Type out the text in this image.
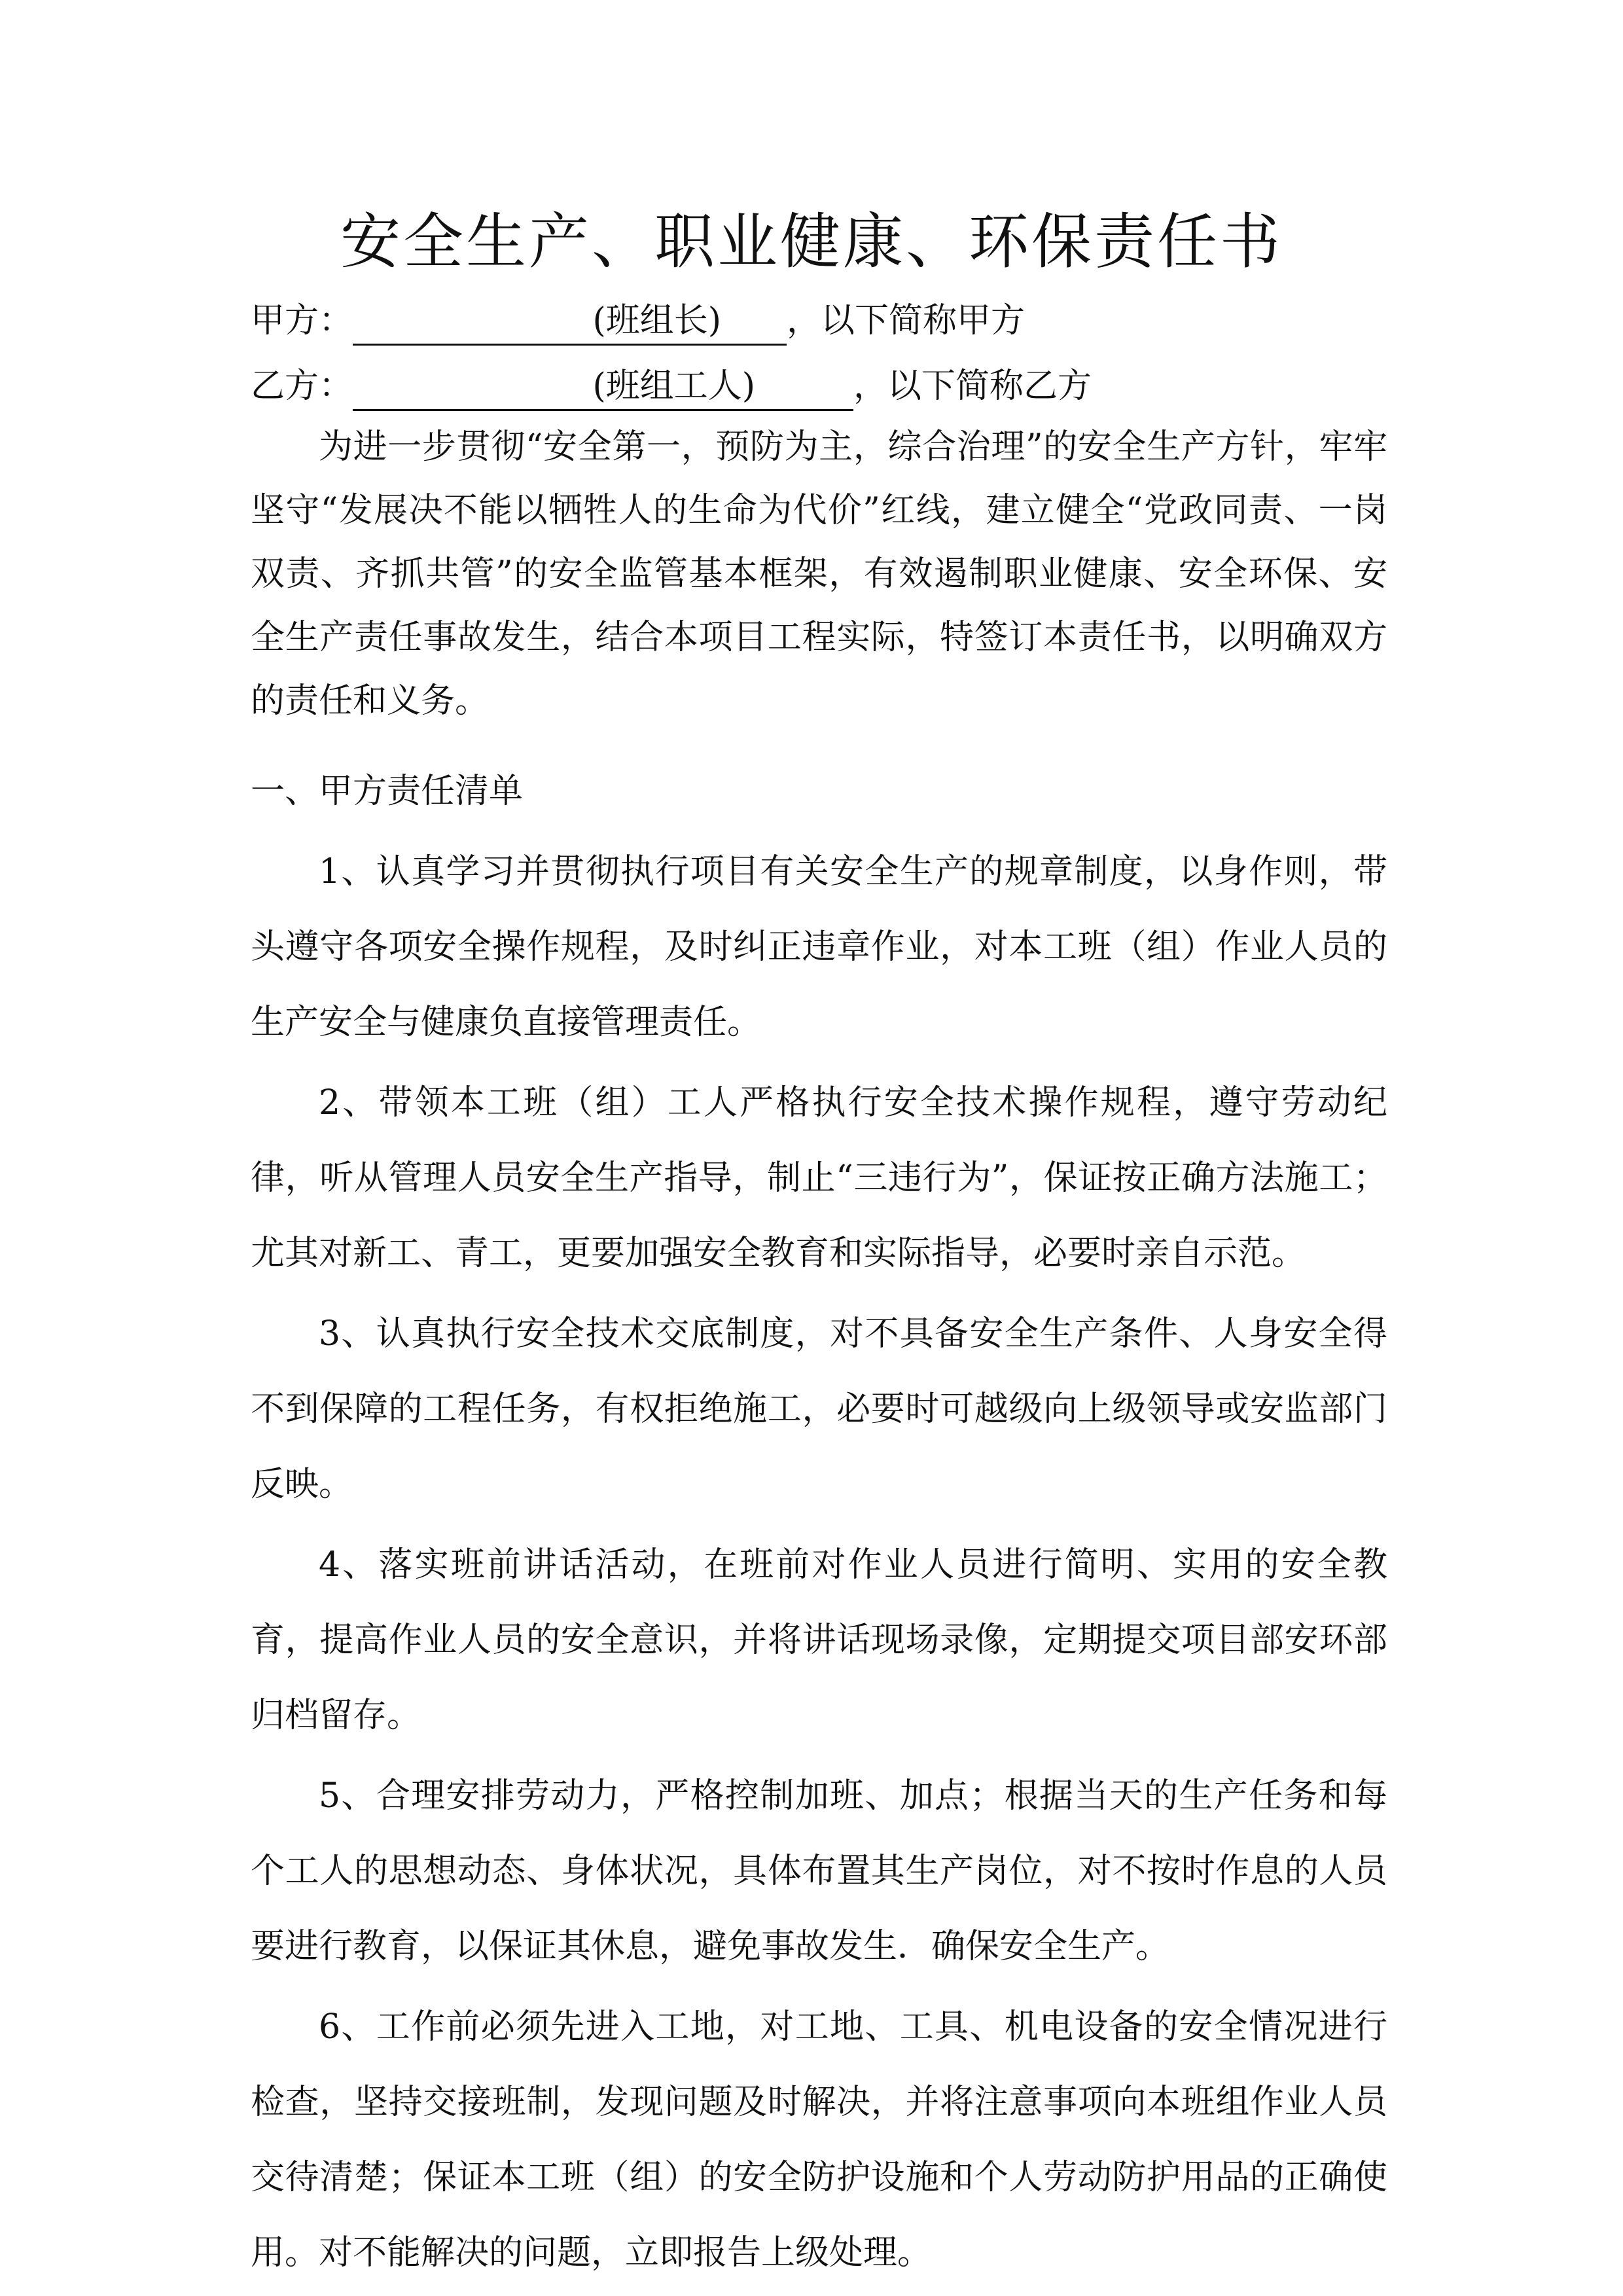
安全生产、职业健康、环保责任书
甲方：	(班组长) ，以下简称甲方
乙方：	(班组工人)	，以下简称乙方

为进一步贯彻“安全第一，预防为主，综合治理”的安全生产方针，牢牢坚守“发展决不能以牺牲人的生命为代价”红线，建立健全“党政同责、一岗双责、齐抓共管”的安全监管基本框架，有效遏制职业健康、安全环保、安全生产责任事故发生，结合本项目工程实际，特签订本责任书，以明确双方的责任和义务。

一、甲方责任清单

1、认真学习并贯彻执行项目有关安全生产的规章制度，以身作则，带头遵守各项安全操作规程，及时纠正违章作业，对本工班（组）作业人员的生产安全与健康负直接管理责任。

2、带领本工班（组）工人严格执行安全技术操作规程，遵守劳动纪律，听从管理人员安全生产指导，制止“三违行为”，保证按正确方法施工；尤其对新工、青工，更要加强安全教育和实际指导，必要时亲自示范。

3、认真执行安全技术交底制度，对不具备安全生产条件、人身安全得不到保障的工程任务，有权拒绝施工，必要时可越级向上级领导或安监部门反映。

4、落实班前讲话活动，在班前对作业人员进行简明、实用的安全教育，提高作业人员的安全意识，并将讲话现场录像，定期提交项目部安环部归档留存。

5、合理安排劳动力，严格控制加班、加点；根据当天的生产任务和每个工人的思想动态、身体状况，具体布置其生产岗位，对不按时作息的人员要进行教育，以保证其休息，避免事故发生．确保安全生产。

6、工作前必须先进入工地，对工地、工具、机电设备的安全情况进行检查，坚持交接班制，发现问题及时解决，并将注意事项向本班组作业人员交待清楚；保证本工班（组）的安全防护设施和个人劳动防护用品的正确使用。对不能解决的问题，立即报告上级处理。
